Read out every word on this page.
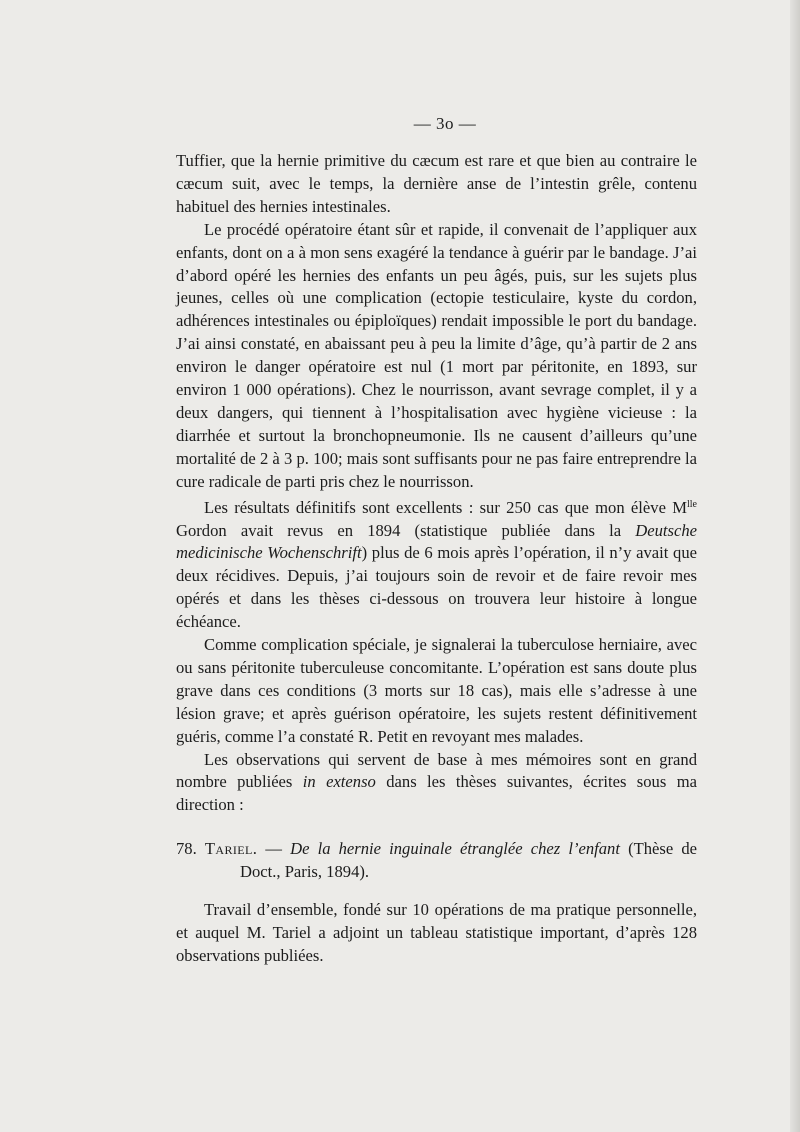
— 3o —

Tuffier, que la hernie primitive du cæcum est rare et que bien au contraire le cæcum suit, avec le temps, la dernière anse de l’intestin grêle, contenu habituel des hernies intestinales.

Le procédé opératoire étant sûr et rapide, il convenait de l’appliquer aux enfants, dont on a à mon sens exagéré la tendance à guérir par le bandage. J’ai d’abord opéré les hernies des enfants un peu âgés, puis, sur les sujets plus jeunes, celles où une complication (ectopie testiculaire, kyste du cordon, adhérences intestinales ou épiploïques) rendait impossible le port du bandage. J’ai ainsi constaté, en abaissant peu à peu la limite d’âge, qu’à partir de 2 ans environ le danger opératoire est nul (1 mort par péritonite, en 1893, sur environ 1 000 opérations). Chez le nourrisson, avant sevrage complet, il y a deux dangers, qui tiennent à l’hospitalisation avec hygiène vicieuse : la diarrhée et surtout la bronchopneumonie. Ils ne causent d’ailleurs qu’une mortalité de 2 à 3 p. 100; mais sont suffisants pour ne pas faire entreprendre la cure radicale de parti pris chez le nourrisson.

Les résultats définitifs sont excellents : sur 250 cas que mon élève $M^{lle}$ Gordon avait revus en 1894 (statistique publiée dans la Deutsche medicinische Wochenschrift) plus de 6 mois après l’opération, il n’y avait que deux récidives. Depuis, j’ai toujours soin de revoir et de faire revoir mes opérés et dans les thèses ci-dessous on trouvera leur histoire à longue échéance.

Comme complication spéciale, je signalerai la tuberculose herniaire, avec ou sans péritonite tuberculeuse concomitante. L’opération est sans doute plus grave dans ces conditions (3 morts sur 18 cas), mais elle s’adresse à une lésion grave; et après guérison opératoire, les sujets restent définitivement guéris, comme l’a constaté R. Petit en revoyant mes malades.

Les observations qui servent de base à mes mémoires sont en grand nombre publiées in extenso dans les thèses suivantes, écrites sous ma direction :

78. Tariel. — De la hernie inguinale étranglée chez l’enfant (Thèse de Doct., Paris, 1894).

Travail d’ensemble, fondé sur 10 opérations de ma pratique personnelle, et auquel M. Tariel a adjoint un tableau statistique important, d’après 128 observations publiées.
